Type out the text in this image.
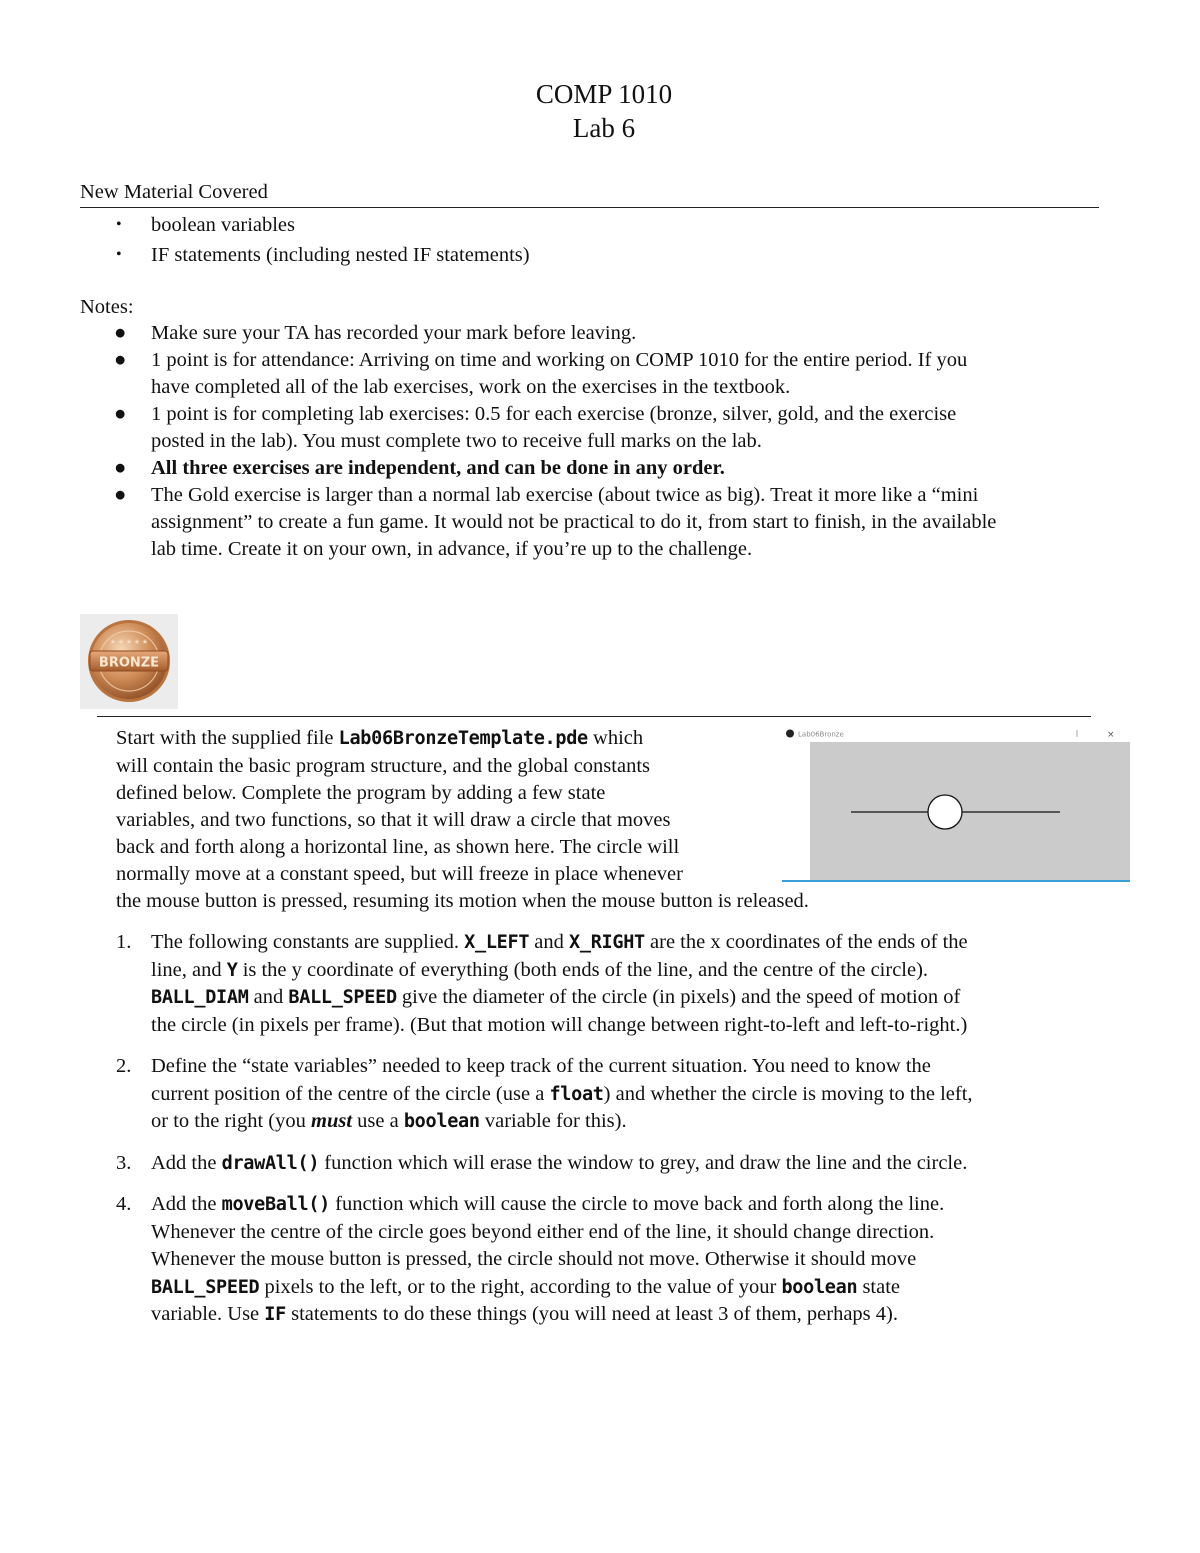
COMP 1010
Lab 6
New Material Covered
• boolean variables
• IF statements (including nested IF statements)
Notes:
● Make sure your TA has recorded your mark before leaving.
● 1 point is for attendance: Arriving on time and working on COMP 1010 for the entire period. If you
have completed all of the lab exercises, work on the exercises in the textbook.
● 1 point is for completing lab exercises: 0.5 for each exercise (bronze, silver, gold, and the exercise
posted in the lab). You must complete two to receive full marks on the lab.
● All three exercises are independent, and can be done in any order.
● The Gold exercise is larger than a normal lab exercise (about twice as big). Treat it more like a “mini
assignment” to create a fun game. It would not be practical to do it, from start to finish, in the available
lab time. Create it on your own, in advance, if you’re up to the challenge.
BRONZE
★ ★ ★ ★ ★
Lab06Bronze	×
Start with the supplied file Lab06BronzeTemplate.pde which
will contain the basic program structure, and the global constants
defined below. Complete the program by adding a few state
variables, and two functions, so that it will draw a circle that moves
back and forth along a horizontal line, as shown here. The circle will
normally move at a constant speed, but will freeze in place whenever
the mouse button is pressed, resuming its motion when the mouse button is released.
1. The following constants are supplied. X_LEFT and X_RIGHT are the x coordinates of the ends of the
line, and Y is the y coordinate of everything (both ends of the line, and the centre of the circle).
BALL_DIAM and BALL_SPEED give the diameter of the circle (in pixels) and the speed of motion of
the circle (in pixels per frame). (But that motion will change between right-to-left and left-to-right.)
2. Define the “state variables” needed to keep track of the current situation. You need to know the
current position of the centre of the circle (use a float) and whether the circle is moving to the left,
or to the right (you must use a boolean variable for this).
3. Add the drawAll() function which will erase the window to grey, and draw the line and the circle.
4. Add the moveBall() function which will cause the circle to move back and forth along the line.
Whenever the centre of the circle goes beyond either end of the line, it should change direction.
Whenever the mouse button is pressed, the circle should not move. Otherwise it should move
BALL_SPEED pixels to the left, or to the right, according to the value of your boolean state
variable. Use IF statements to do these things (you will need at least 3 of them, perhaps 4).
